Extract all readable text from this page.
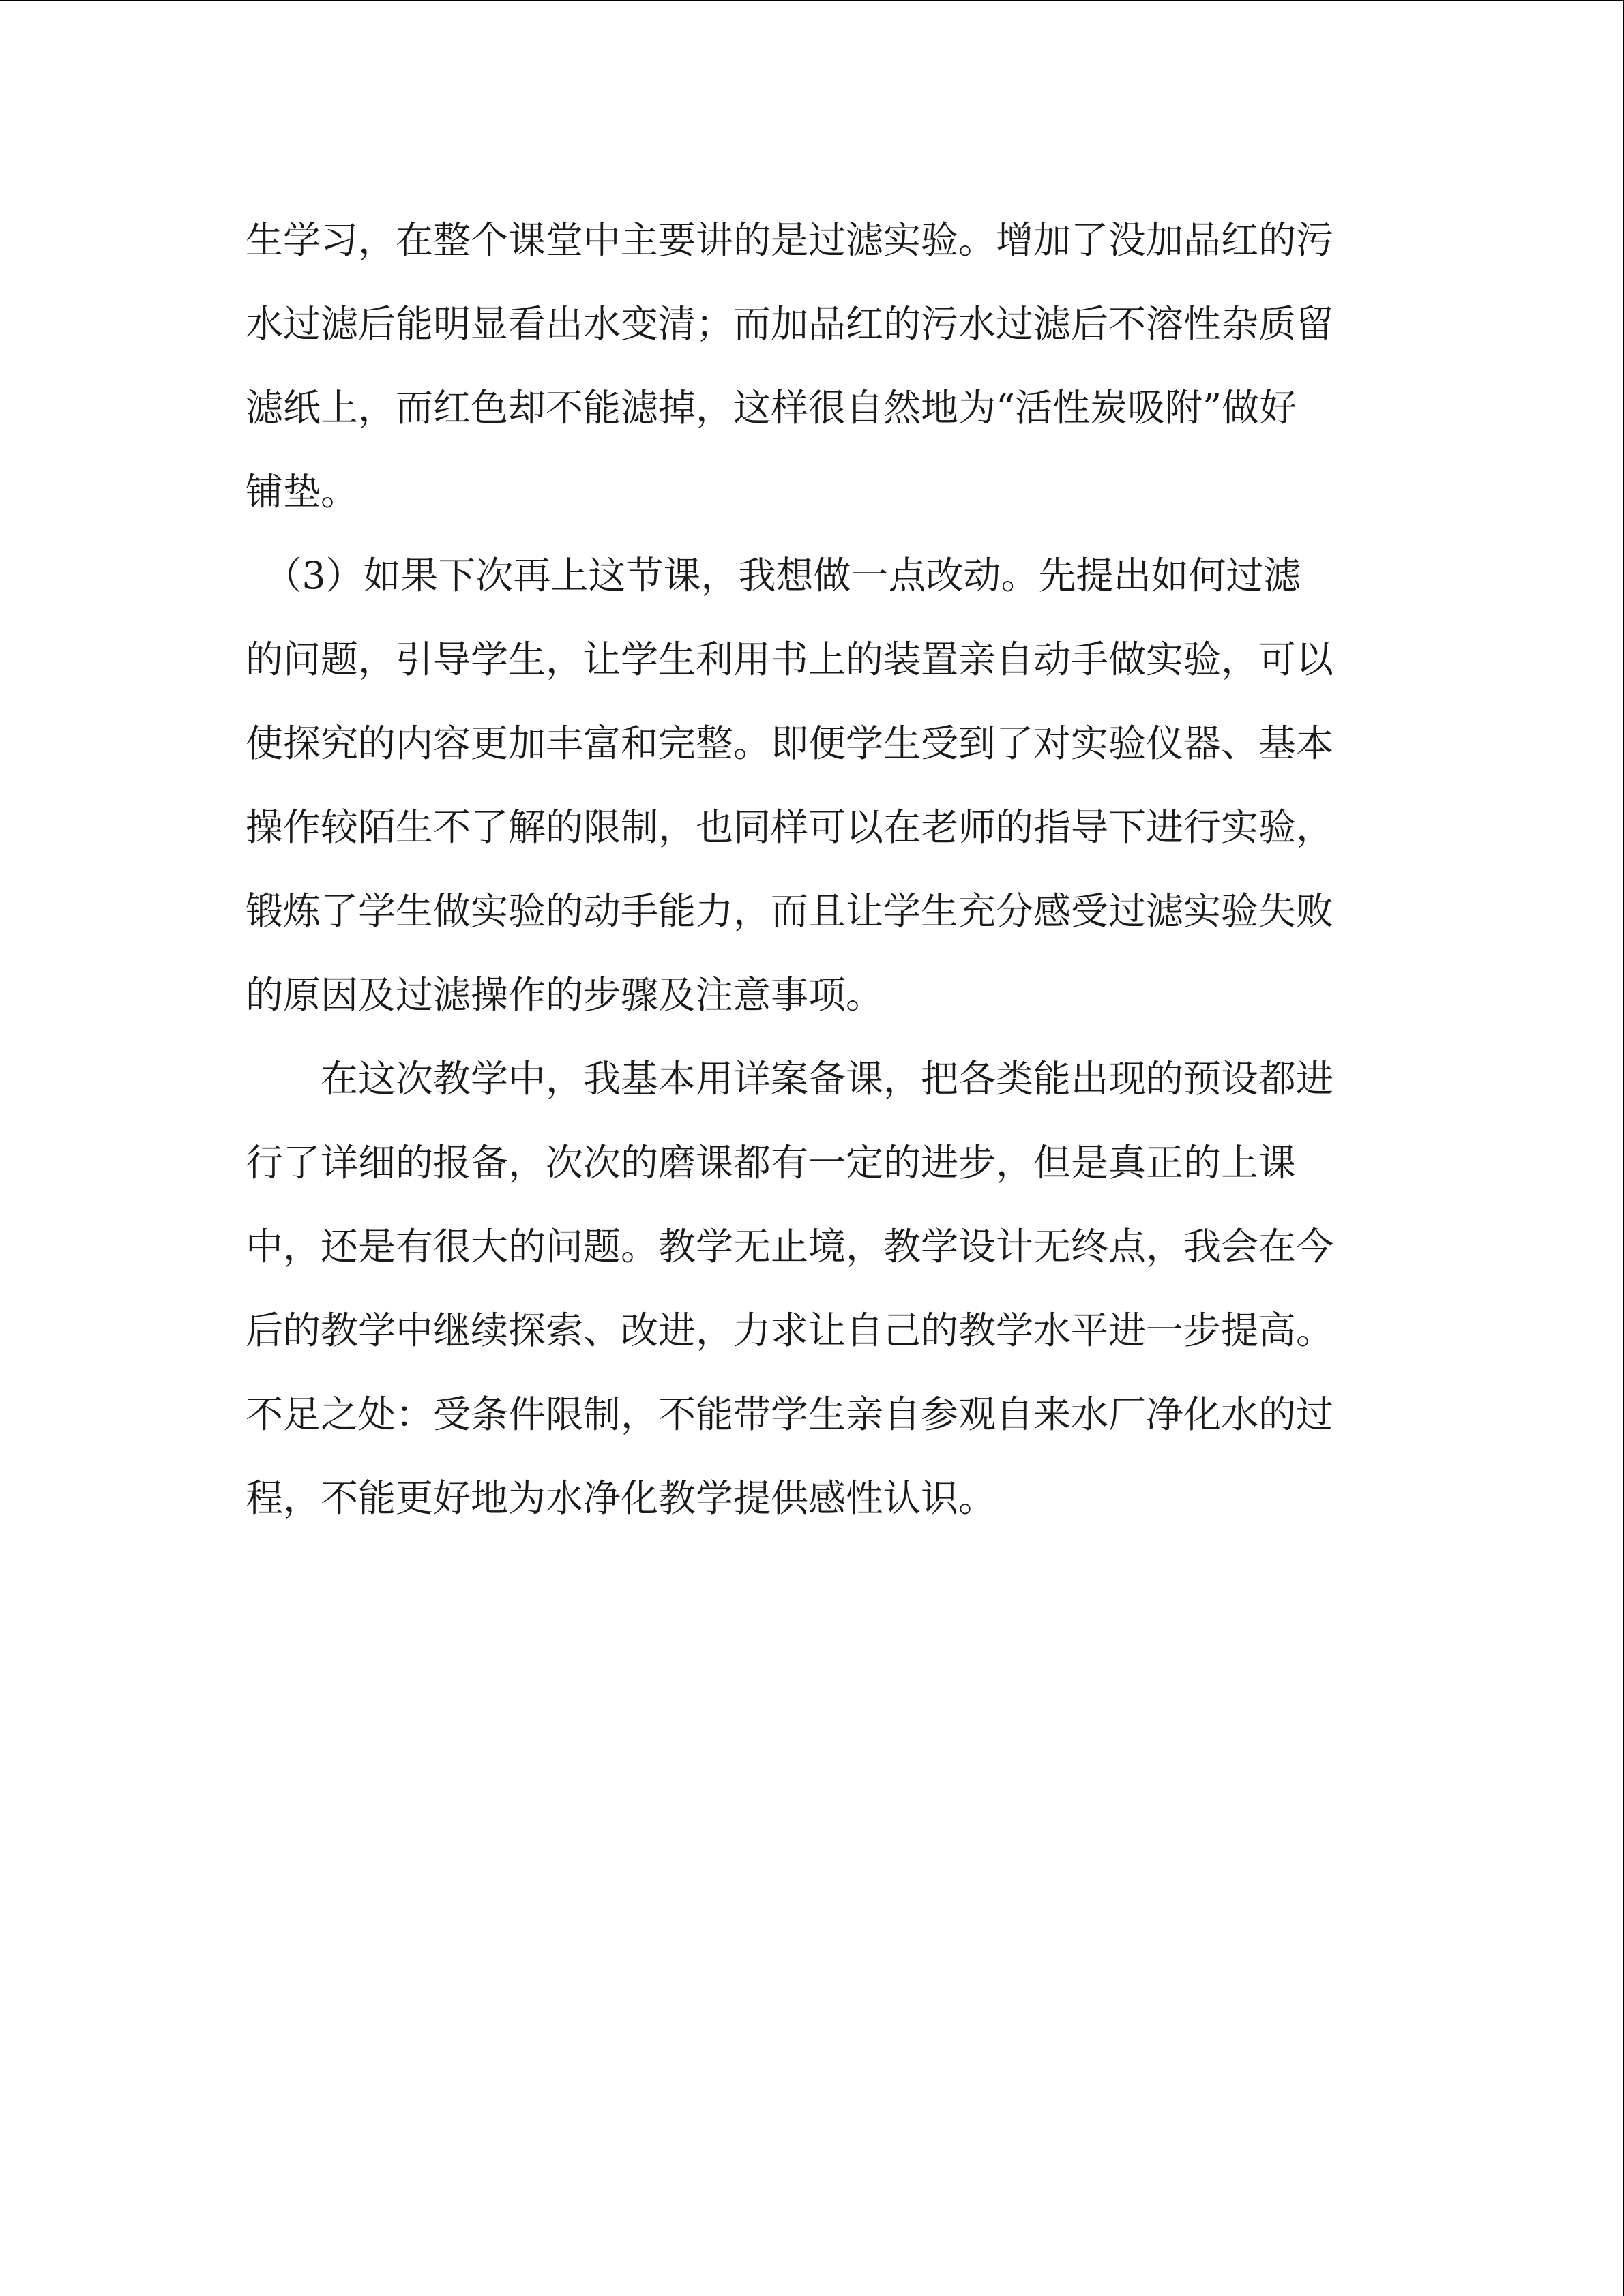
生学习，在整个课堂中主要讲的是过滤实验。增加了没加品红的污
水过滤后能明显看出水变清；而加品红的污水过滤后不溶性杂质留
滤纸上，而红色却不能滤掉，这样很自然地为“活性炭吸附”做好
铺垫。
　（3）如果下次再上这节课，我想做一点改动。先提出如何过滤
的问题，引导学生，让学生利用书上的装置亲自动手做实验，可以
使探究的内容更加丰富和完整。即便学生受到了对实验仪器、基本
操作较陌生不了解的限制，也同样可以在老师的指导下进行实验，
锻炼了学生做实验的动手能力，而且让学生充分感受过滤实验失败
的原因及过滤操作的步骤及注意事项。
　　在这次教学中，我基本用详案备课，把各类能出现的预设都进
行了详细的报备，次次的磨课都有一定的进步，但是真正的上课
中，还是有很大的问题。教学无止境，教学设计无终点，我会在今
后的教学中继续探索、改进，力求让自己的教学水平进一步提高。
不足之处：受条件限制，不能带学生亲自参观自来水厂净化水的过
程，不能更好地为水净化教学提供感性认识。
